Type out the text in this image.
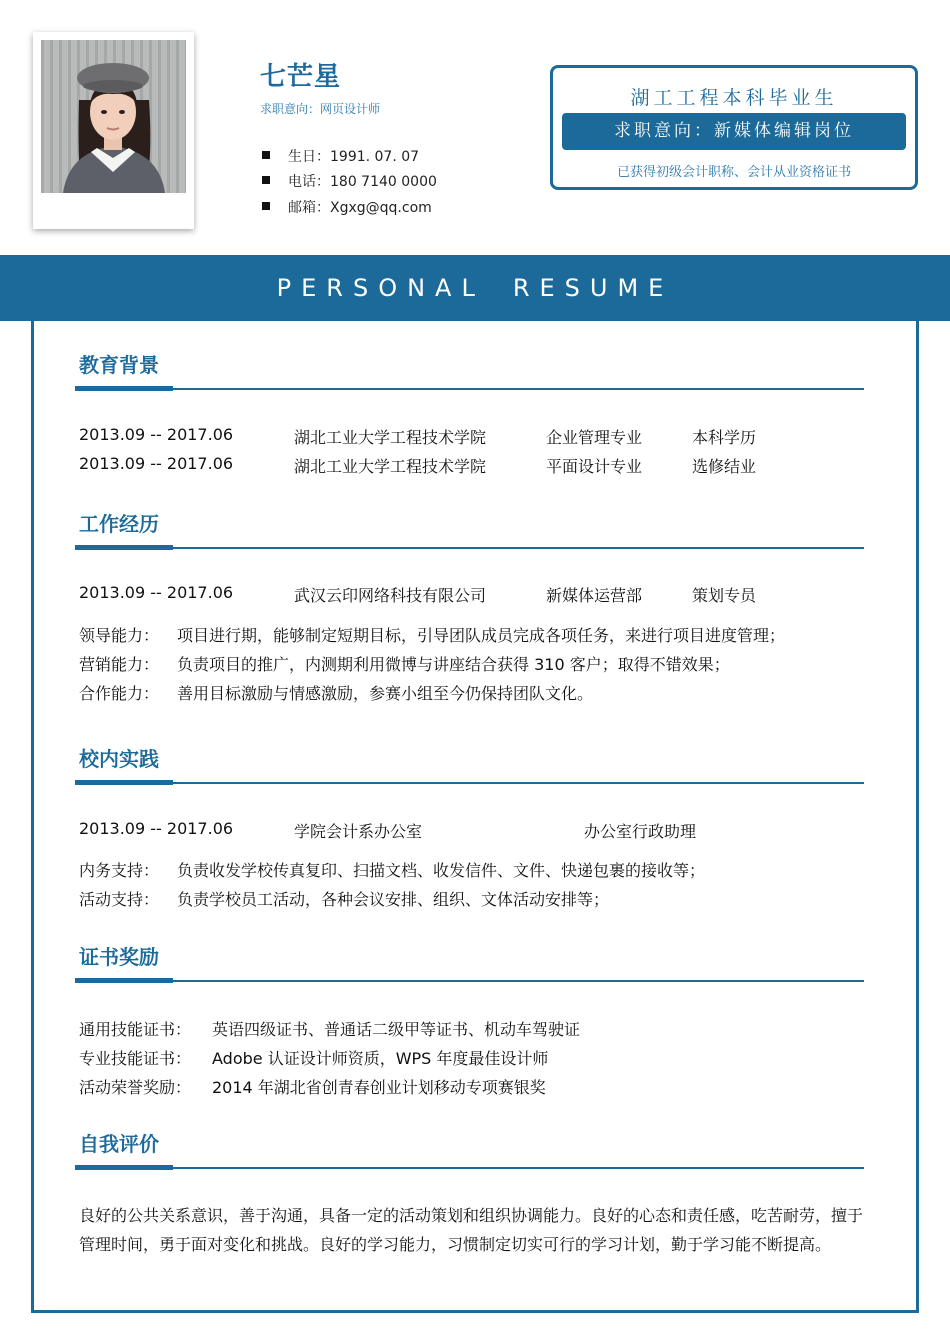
七芒星
求职意向：网页设计师
生日：1991. 07. 07
电话：180 7140 0000
邮箱：Xgxg@qq.com
湖工工程本科毕业生
求职意向：新媒体编辑岗位
已获得初级会计职称、会计从业资格证书
PERSONAL RESUME
教育背景
2013.09 -- 2017.06	湖北工业大学工程技术学院	企业管理专业	本科学历
2013.09 -- 2017.06	湖北工业大学工程技术学院	平面设计专业	选修结业
工作经历
2013.09 -- 2017.06	武汉云印网络科技有限公司	新媒体运营部	策划专员
领导能力： 项目进行期，能够制定短期目标，引导团队成员完成各项任务，来进行项目进度管理；
营销能力： 负责项目的推广，内测期利用微博与讲座结合获得 310 客户；取得不错效果；
合作能力： 善用目标激励与情感激励，参赛小组至今仍保持团队文化。
校内实践
2013.09 -- 2017.06	学院会计系办公室	办公室行政助理
内务支持： 负责收发学校传真复印、扫描文档、收发信件、文件、快递包裹的接收等；
活动支持： 负责学校员工活动，各种会议安排、组织、文体活动安排等；
证书奖励
通用技能证书： 英语四级证书、普通话二级甲等证书、机动车驾驶证
专业技能证书： Adobe 认证设计师资质，WPS 年度最佳设计师
活动荣誉奖励： 2014 年湖北省创青春创业计划移动专项赛银奖
自我评价
良好的公共关系意识，善于沟通，具备一定的活动策划和组织协调能力。良好的心态和责任感，吃苦耐劳，擅于管理时间，勇于面对变化和挑战。良好的学习能力，习惯制定切实可行的学习计划，勤于学习能不断提高。
